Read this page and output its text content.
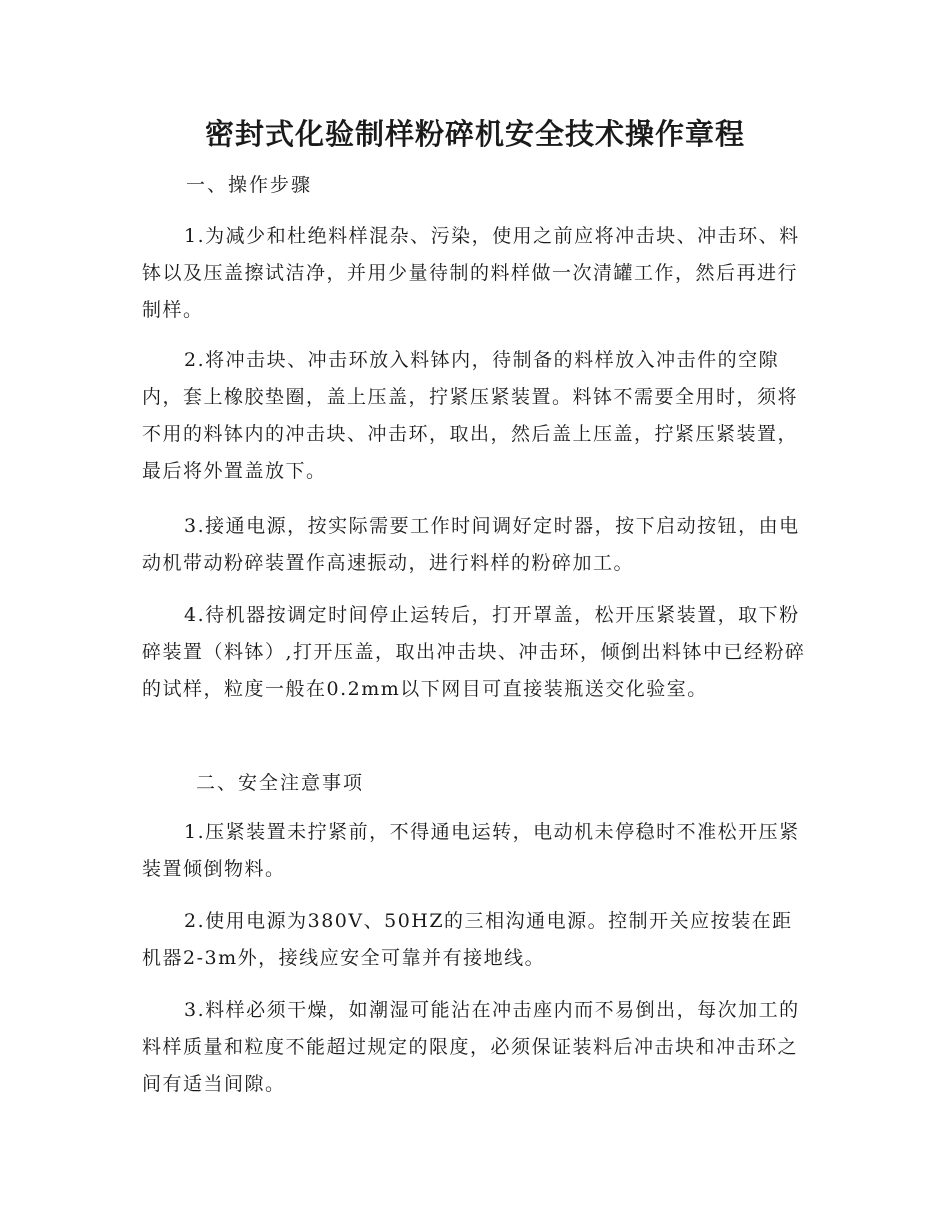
密封式化验制样粉碎机安全技术操作章程

一、操作步骤

1.为减少和杜绝料样混杂、污染，使用之前应将冲击块、冲击环、料钵以及压盖擦试洁净，并用少量待制的料样做一次清罐工作，然后再进行制样。

2.将冲击块、冲击环放入料钵内，待制备的料样放入冲击件的空隙内，套上橡胶垫圈，盖上压盖，拧紧压紧装置。料钵不需要全用时，须将不用的料钵内的冲击块、冲击环，取出，然后盖上压盖，拧紧压紧装置，最后将外置盖放下。

3.接通电源，按实际需要工作时间调好定时器，按下启动按钮，由电动机带动粉碎装置作高速振动，进行料样的粉碎加工。

4.待机器按调定时间停止运转后，打开罩盖，松开压紧装置，取下粉碎装置（料钵）,打开压盖，取出冲击块、冲击环，倾倒出料钵中已经粉碎的试样，粒度一般在0.2mm以下网目可直接装瓶送交化验室。

二、安全注意事项

1.压紧装置未拧紧前，不得通电运转，电动机未停稳时不准松开压紧装置倾倒物料。

2.使用电源为380V、50HZ的三相沟通电源。控制开关应按装在距机器2-3m外，接线应安全可靠并有接地线。

3.料样必须干燥，如潮湿可能沾在冲击座内而不易倒出，每次加工的料样质量和粒度不能超过规定的限度，必须保证装料后冲击块和冲击环之间有适当间隙。
